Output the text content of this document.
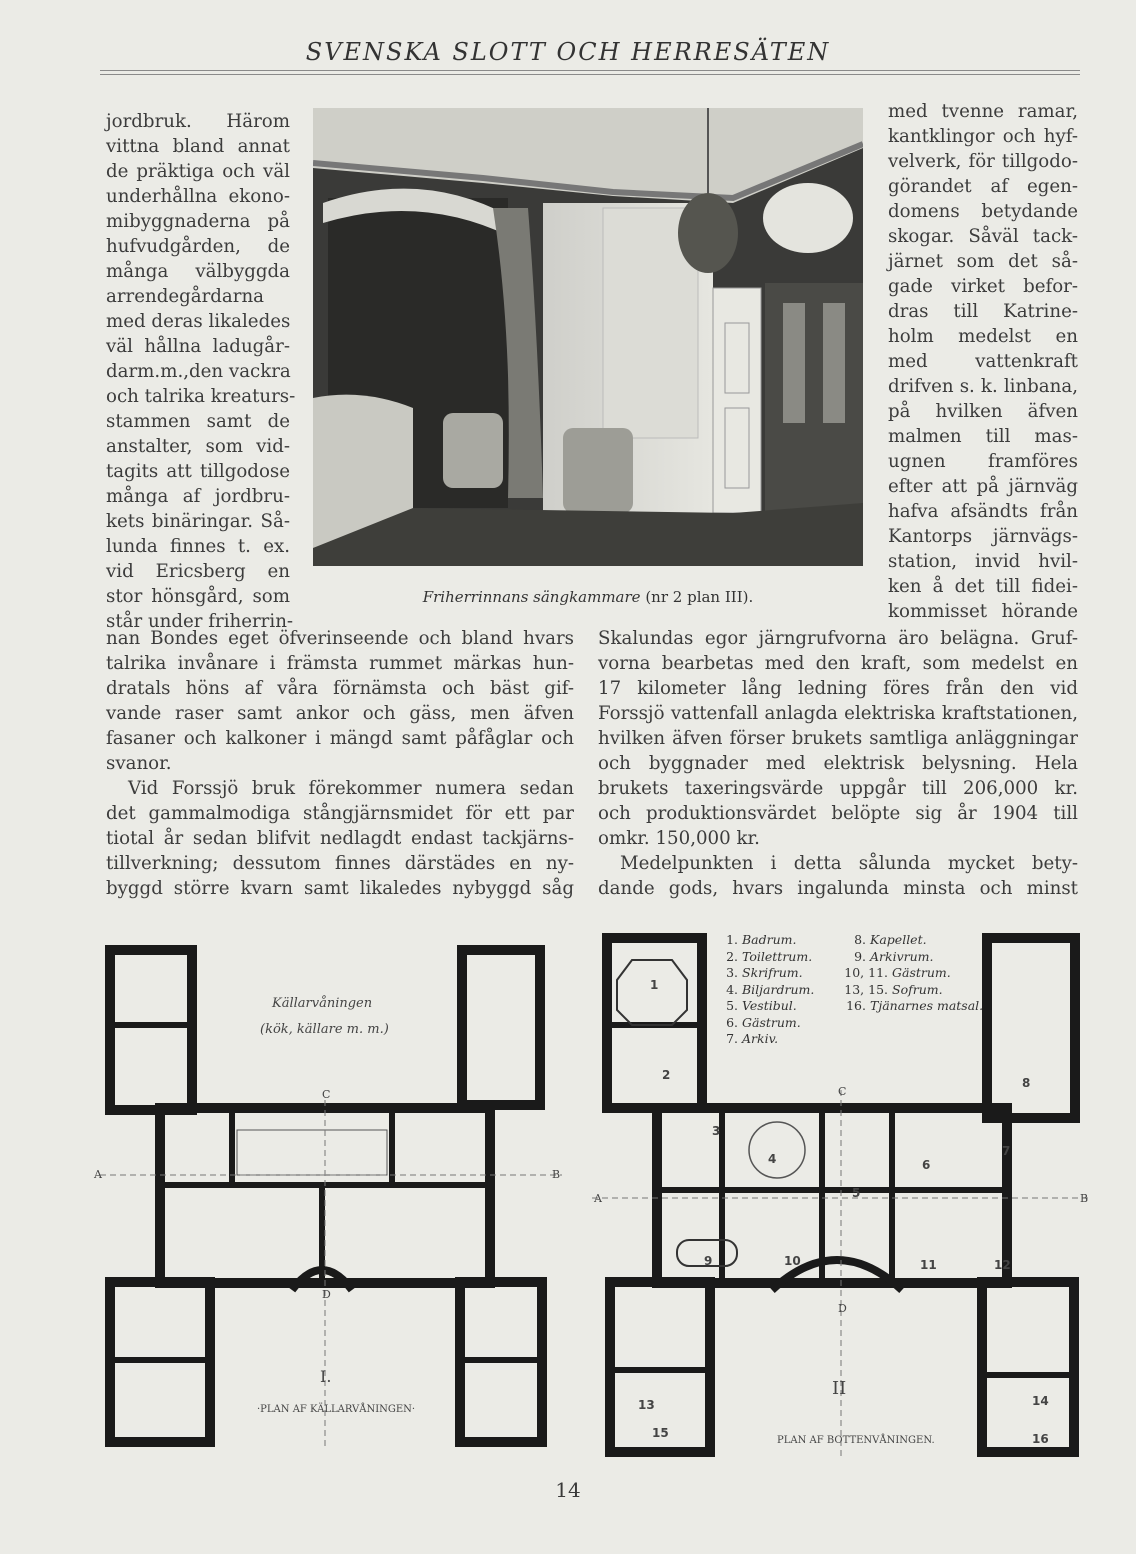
SVENSKA SLOTT OCH HERRESÄTEN
jordbruk. Härom
vittna bland annat
de präktiga och väl
underhållna ekono-
mibyggnaderna på
hufvudgården, de
många välbyggda
arrendegårdarna
med deras likaledes
väl hållna ladugår-
darm.m.,den vackra
och talrika kreaturs-
stammen samt de
anstalter, som vid-
tagits att tillgodose
många af jordbru-
kets binäringar. Så-
lunda finnes t. ex.
vid Ericsberg en
stor hönsgård, som
står under friherrin-
med tvenne ramar,
kantklingor och hyf-
velverk, för tillgodo-
görandet af egen-
domens betydande
skogar. Såväl tack-
järnet som det så-
gade virket befor-
dras till Katrine-
holm medelst en
med vattenkraft
drifven s. k. linbana,
på hvilken äfven
malmen till mas-
ugnen framföres
efter att på järnväg
hafva afsändts från
Kantorps järnvägs-
station, invid hvil-
ken å det till fidei-
kommisset hörande
Friherrinnans sängkammare (nr 2 plan III).
nan Bondes eget öfverinseende och bland hvars
talrika invånare i främsta rummet märkas hun-
dratals höns af våra förnämsta och bäst gif-
vande raser samt ankor och gäss, men äfven
fasaner och kalkoner i mängd samt påfåglar och
svanor.
Vid Forssjö bruk förekommer numera sedan
det gammalmodiga stångjärnsmidet för ett par
tiotal år sedan blifvit nedlagdt endast tackjärns-
tillverkning; dessutom finnes därstädes en ny-
byggd större kvarn samt likaledes nybyggd såg
Skalundas egor järngrufvorna äro belägna. Gruf-
vorna bearbetas med den kraft, som medelst en
17 kilometer lång ledning föres från den vid
Forssjö vattenfall anlagda elektriska kraftstationen,
hvilken äfven förser brukets samtliga anläggningar
och byggnader med elektrisk belysning. Hela
brukets taxeringsvärde uppgår till 206,000 kr.
och produktionsvärdet belöpte sig år 1904 till
omkr. 150,000 kr.
Medelpunkten i detta sålunda mycket bety-
dande gods, hvars ingalunda minsta och minst
Källarvåningen
(kök, källare m. m.)
I.
·PLAN AF KÄLLARVÅNINGEN·
A	B
C
D
1. Badrum.
2. Toilettrum.
3. Skrifrum.
4. Biljardrum.
5. Vestibul.
6. Gästrum.
7. Arkiv.
8. Kapellet.
9. Arkivrum.
10, 11. Gästrum.
13, 15. Sofrum.
16. Tjänarnes matsal.
1
2
3
4
5
6
7
8
9	10	11	12
13	14
15	16
II
PLAN AF BOTTENVÅNINGEN.
A	B
C
D
14
